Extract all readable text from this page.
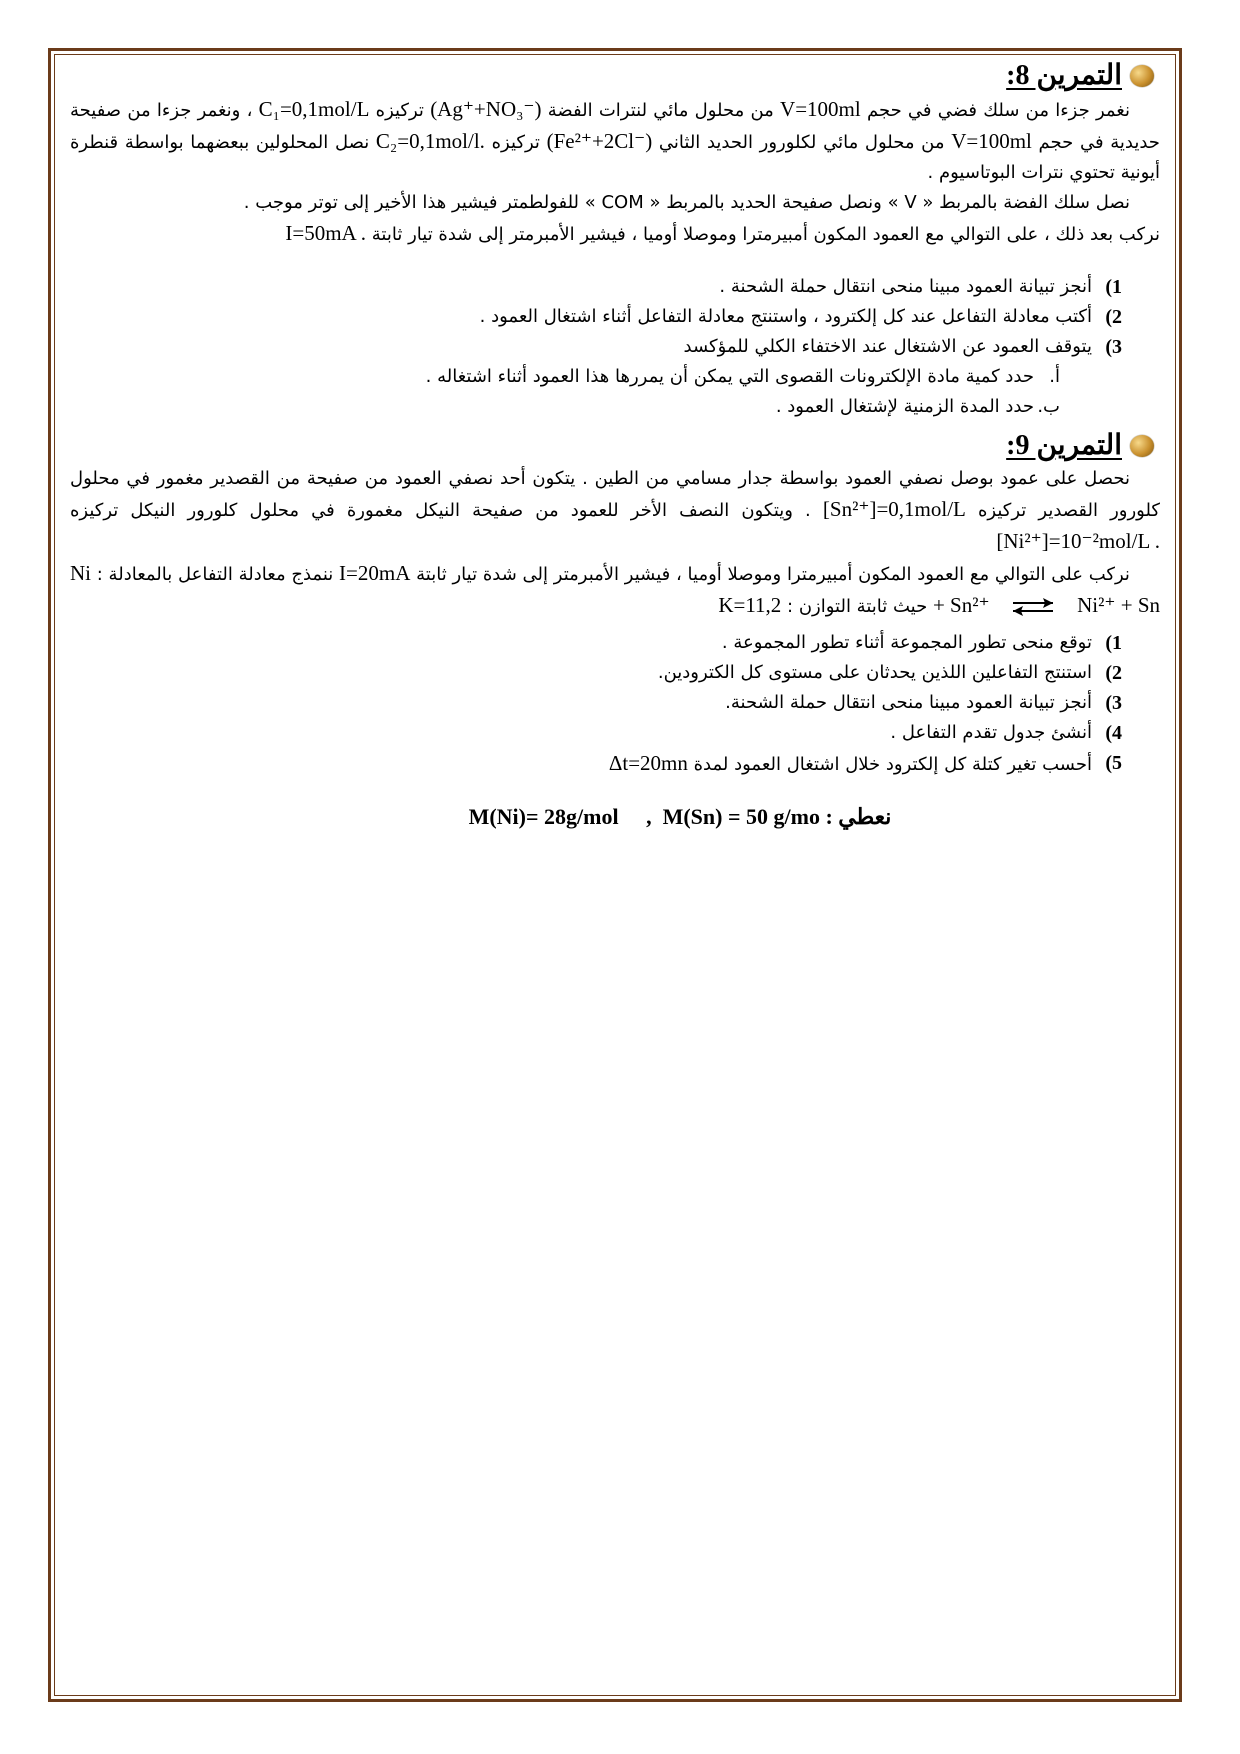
التمرين 8:
نغمر جزءا من سلك فضي في حجم V=100ml من محلول مائي لنترات الفضة (Ag⁺+NO₃⁻) تركيزه C₁=0,1mol/L ، ونغمر جزءا من صفيحة حديدية في حجم V=100ml من محلول مائي لكلورور الحديد الثاني (Fe²⁺+2Cl⁻) تركيزه C₂=0,1mol/l. نصل المحلولين ببعضهما بواسطة قنطرة أيونية تحتوي نترات البوتاسيوم .
نصل سلك الفضة بالمربط « V » ونصل صفيحة الحديد بالمربط « COM » للفولطمتر فيشير هذا الأخير إلى توتر موجب .
نركب بعد ذلك ، على التوالي مع العمود المكون أمبيرمترا وموصلا أوميا ، فيشير الأمبرمتر إلى شدة تيار ثابتة I=50mA .
1)
أنجز تبيانة العمود مبينا منحى انتقال حملة الشحنة .
2)
أكتب معادلة التفاعل عند كل إلكترود ، واستنتج معادلة التفاعل أثناء اشتغال العمود .
3)
يتوقف العمود عن الاشتغال عند الاختفاء الكلي للمؤكسد
أ.حدد كمية مادة الإلكترونات القصوى التي يمكن أن يمررها هذا العمود أثناء اشتغاله .
ب.حدد المدة الزمنية لإشتغال العمود .
التمرين 9:
نحصل على عمود بوصل نصفي العمود بواسطة جدار مسامي من الطين . يتكون أحد نصفي العمود من صفيحة من القصدير مغمور في محلول كلورور القصدير تركيزه [Sn²⁺]=0,1mol/L . ويتكون النصف الأخر للعمود من صفيحة النيكل مغمورة في محلول كلورور النيكل تركيزه [Ni²⁺]=10⁻²mol/L .
نركب على التوالي مع العمود المكون أمبيرمترا وموصلا أوميا ، فيشير الأمبرمتر إلى شدة تيار ثابتة I=20mA ننمذج معادلة التفاعل بالمعادلة : Ni + Sn²⁺	Ni²⁺ + Sn حيث ثابتة التوازن : K=11,2
1)
توقع منحى تطور المجموعة أثناء تطور المجموعة .
2)
استنتج التفاعلين اللذين يحدثان على مستوى كل الكترودين.
3)
أنجز تبيانة العمود مبينا منحى انتقال حملة الشحنة.
4)
أنشئ جدول تقدم التفاعل .
5)
أحسب تغير كتلة كل إلكترود خلال اشتغال العمود لمدة Δt=20mn
نعطي : M(Ni)= 28g/mol     ,  M(Sn) = 50 g/mo
